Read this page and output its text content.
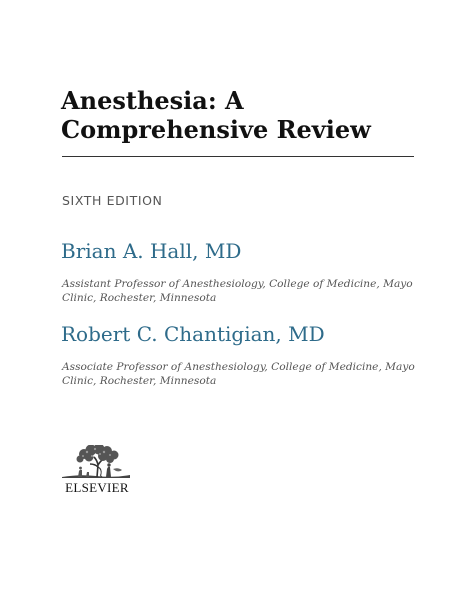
Anesthesia: A Comprehensive Review

SIXTH EDITION

Brian A. Hall, MD

Assistant Professor of Anesthesiology, College of Medicine, Mayo Clinic, Rochester, Minnesota

Robert C. Chantigian, MD

Associate Professor of Anesthesiology, College of Medicine, Mayo Clinic, Rochester, Minnesota

ELSEVIER
